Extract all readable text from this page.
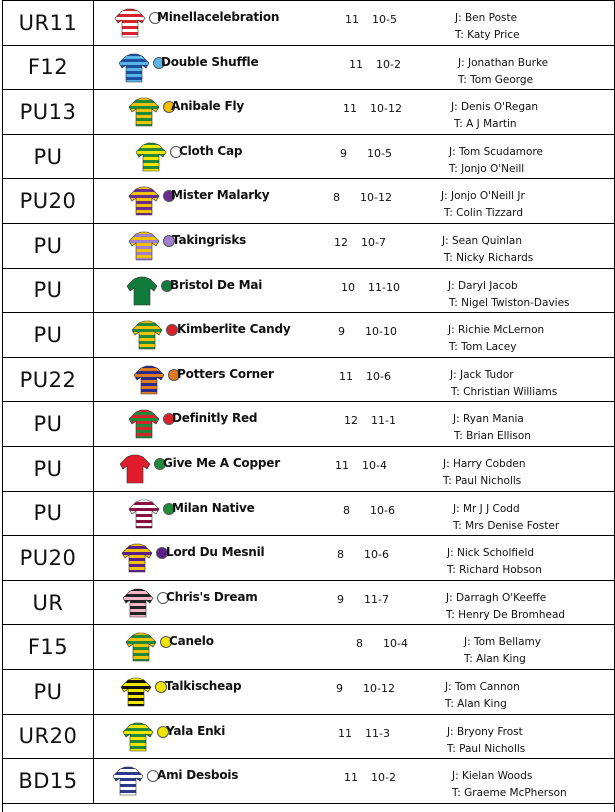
UR11	Minellacelebration	11 10-5	J: Ben Poste
T: Katy Price
F12	Double Shuffle	11 10-2	J: Jonathan Burke
T: Tom George
PU13	Anibale Fly	11 10-12	J: Denis O'Regan
T: A J Martin
PU	Cloth Cap	9 10-5	J: Tom Scudamore
T: Jonjo O'Neill
PU20	Mister Malarky	8 10-12	J: Jonjo O'Neill Jr
T: Colin Tizzard
PU	Takingrisks	12 10-7	J: Sean Quinlan
T: Nicky Richards
PU	Bristol De Mai	10 11-10	J: Daryl Jacob
T: Nigel Twiston-Davies
PU	Kimberlite Candy	9 10-10	J: Richie McLernon
T: Tom Lacey
PU22	Potters Corner	11 10-6	J: Jack Tudor
T: Christian Williams
PU	Definitly Red	12 11-1	J: Ryan Mania
T: Brian Ellison
PU	Give Me A Copper	11 10-4	J: Harry Cobden
T: Paul Nicholls
PU	Milan Native	8 10-6	J: Mr J J Codd
T: Mrs Denise Foster
PU20	Lord Du Mesnil	8 10-6	J: Nick Scholfield
T: Richard Hobson
UR	Chris's Dream	9 11-7	J: Darragh O'Keeffe
T: Henry De Bromhead
F15	Canelo	8 10-4	J: Tom Bellamy
T: Alan King
PU	Talkischeap	9 10-12	J: Tom Cannon
T: Alan King
UR20	Yala Enki	11 11-3	J: Bryony Frost
T: Paul Nicholls
BD15	Ami Desbois	11 10-2	J: Kielan Woods
T: Graeme McPherson
